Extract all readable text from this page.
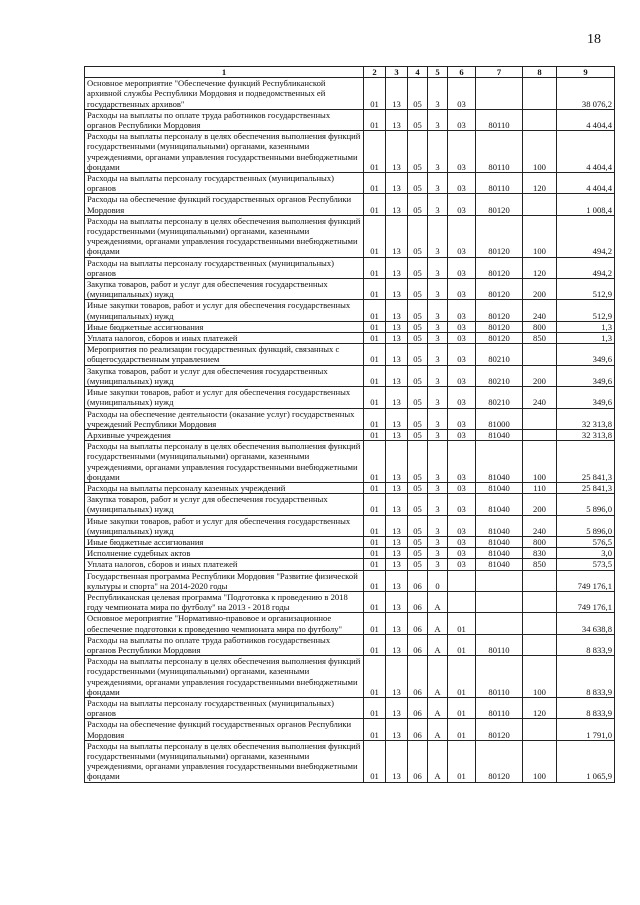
18
1	2	3	4	5	6	7	8	9
Основное мероприятие "Обеспечение функций Республиканской архивной службы Республики Мордовия и подведомственных ей государственных архивов"	01	13	05	3	03			38 076,2
Расходы на выплаты по оплате труда работников государственных органов Республики Мордовия	01	13	05	3	03	80110		4 404,4
Расходы на выплаты персоналу в целях обеспечения выполнения функций государственными (муниципальными) органами, казенными учреждениями, органами управления государственными внебюджетными фондами	01	13	05	3	03	80110	100	4 404,4
Расходы на выплаты персоналу государственных (муниципальных) органов	01	13	05	3	03	80110	120	4 404,4
Расходы на обеспечение функций государственных органов Республики Мордовия	01	13	05	3	03	80120		1 008,4
Расходы на выплаты персоналу в целях обеспечения выполнения функций государственными (муниципальными) органами, казенными учреждениями, органами управления государственными внебюджетными фондами	01	13	05	3	03	80120	100	494,2
Расходы на выплаты персоналу государственных (муниципальных) органов	01	13	05	3	03	80120	120	494,2
Закупка товаров, работ и услуг для обеспечения государственных (муниципальных) нужд	01	13	05	3	03	80120	200	512,9
Иные закупки товаров, работ и услуг для обеспечения государственных (муниципальных) нужд	01	13	05	3	03	80120	240	512,9
Иные бюджетные ассигнования	01	13	05	3	03	80120	800	1,3
Уплата налогов, сборов и иных платежей	01	13	05	3	03	80120	850	1,3
Мероприятия по реализации государственных функций, связанных с общегосударственным управлением	01	13	05	3	03	80210		349,6
Закупка товаров, работ и услуг для обеспечения государственных (муниципальных) нужд	01	13	05	3	03	80210	200	349,6
Иные закупки товаров, работ и услуг для обеспечения государственных (муниципальных) нужд	01	13	05	3	03	80210	240	349,6
Расходы на обеспечение деятельности (оказание услуг) государственных учреждений Республики Мордовия	01	13	05	3	03	81000		32 313,8
Архивные учреждения	01	13	05	3	03	81040		32 313,8
Расходы на выплаты персоналу в целях обеспечения выполнения функций государственными (муниципальными) органами, казенными учреждениями, органами управления государственными внебюджетными фондами	01	13	05	3	03	81040	100	25 841,3
Расходы на выплаты персоналу казенных учреждений	01	13	05	3	03	81040	110	25 841,3
Закупка товаров, работ и услуг для обеспечения государственных (муниципальных) нужд	01	13	05	3	03	81040	200	5 896,0
Иные закупки товаров, работ и услуг для обеспечения государственных (муниципальных) нужд	01	13	05	3	03	81040	240	5 896,0
Иные бюджетные ассигнования	01	13	05	3	03	81040	800	576,5
Исполнение судебных актов	01	13	05	3	03	81040	830	3,0
Уплата налогов, сборов и иных платежей	01	13	05	3	03	81040	850	573,5
Государственная программа Республики Мордовия "Развитие физической культуры и спорта" на 2014-2020 годы	01	13	06	0				749 176,1
Республиканская целевая программа "Подготовка к проведению в 2018 году чемпионата мира по футболу" на 2013 - 2018 годы	01	13	06	А				749 176,1
Основное мероприятие "Нормативно-правовое и организационное обеспечение подготовки к проведению чемпионата мира по футболу"	01	13	06	А	01			34 638,8
Расходы на выплаты по оплате труда работников государственных органов Республики Мордовия	01	13	06	А	01	80110		8 833,9
Расходы на выплаты персоналу в целях обеспечения выполнения функций государственными (муниципальными) органами, казенными учреждениями, органами управления государственными внебюджетными фондами	01	13	06	А	01	80110	100	8 833,9
Расходы на выплаты персоналу государственных (муниципальных) органов	01	13	06	А	01	80110	120	8 833,9
Расходы на обеспечение функций государственных органов Республики Мордовия	01	13	06	А	01	80120		1 791,0
Расходы на выплаты персоналу в целях обеспечения выполнения функций государственными (муниципальными) органами, казенными учреждениями, органами управления государственными внебюджетными фондами	01	13	06	А	01	80120	100	1 065,9
